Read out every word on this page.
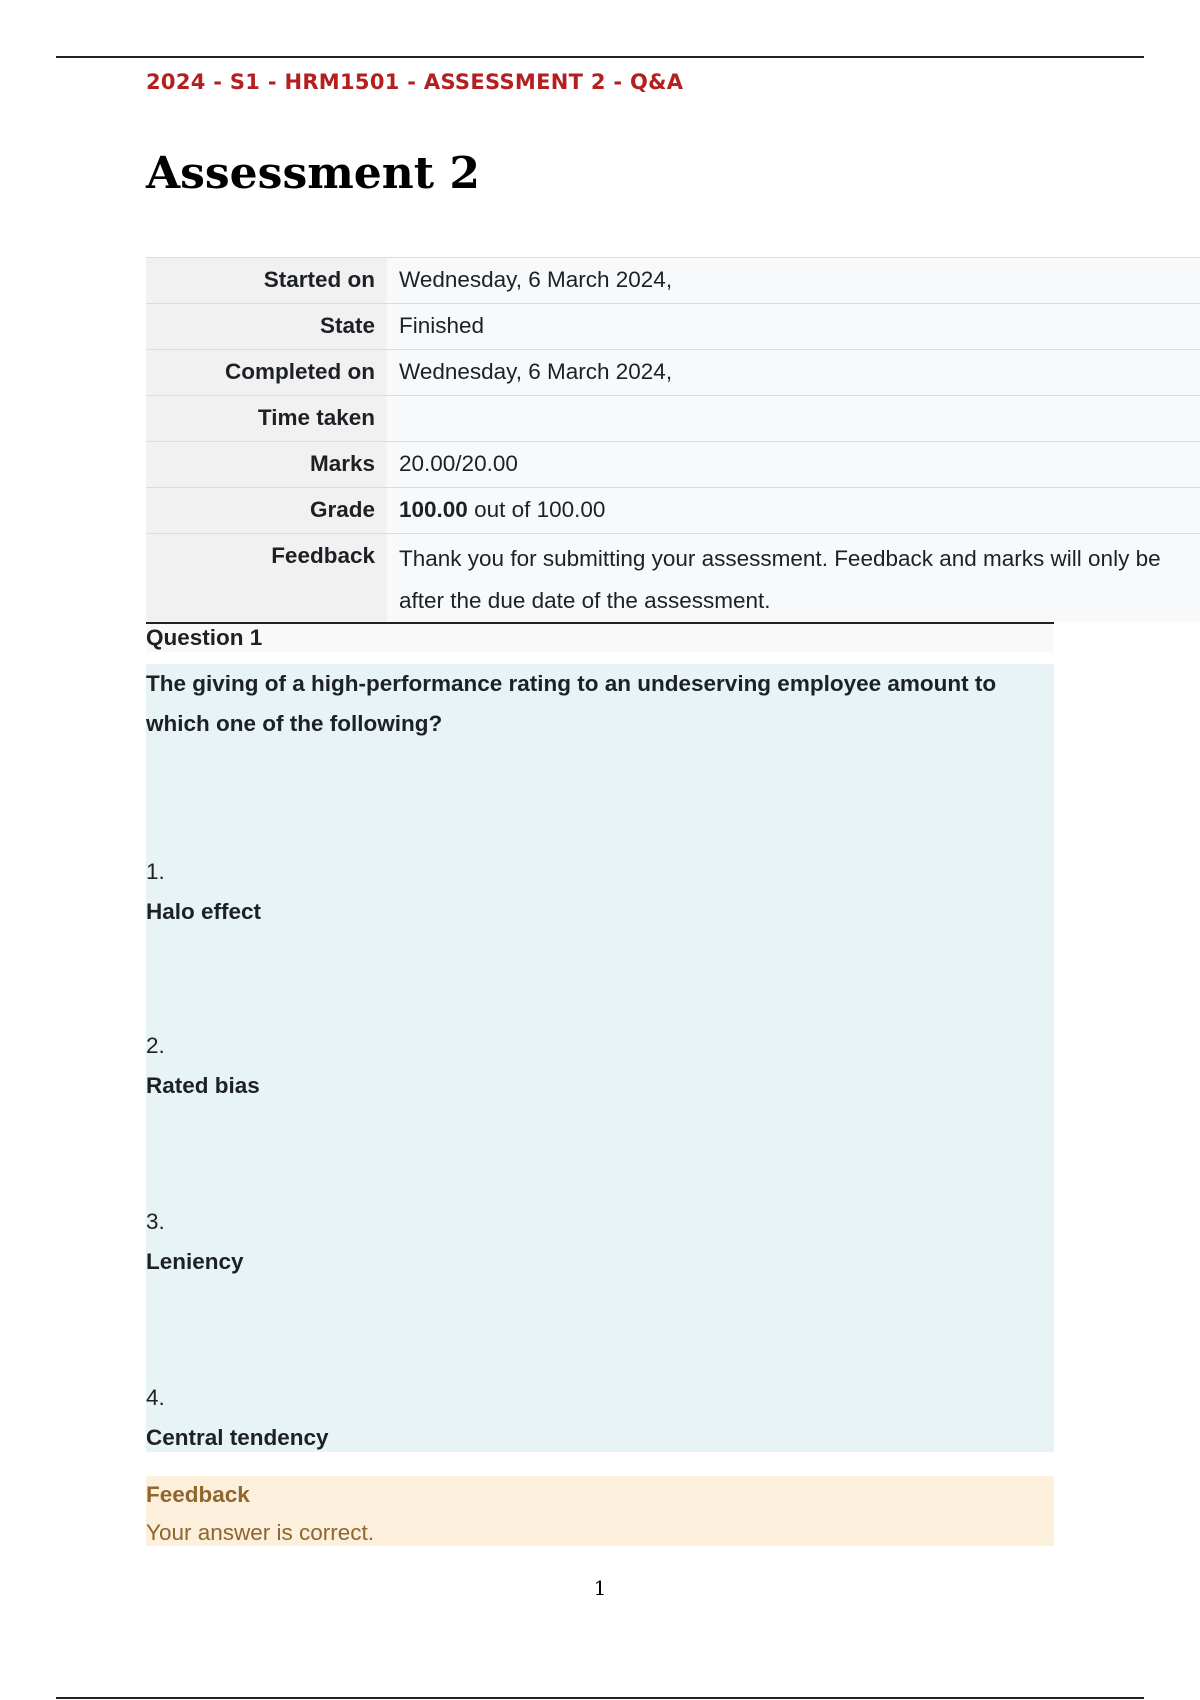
2024 - S1 - HRM1501 - ASSESSMENT 2 - Q&A
Assessment 2
Started on	Wednesday, 6 March 2024,
State	Finished
Completed on	Wednesday, 6 March 2024,
Time taken	
Marks	20.00/20.00
Grade	100.00 out of 100.00
Feedback	Thank you for submitting your assessment. Feedback and marks will only be
after the due date of the assessment.
Question 1
The giving of a high-performance rating to an undeserving employee amount to which one of the following?
1.
Halo effect
2.
Rated bias
3.
Leniency
4.
Central tendency
Feedback
Your answer is correct.
1
